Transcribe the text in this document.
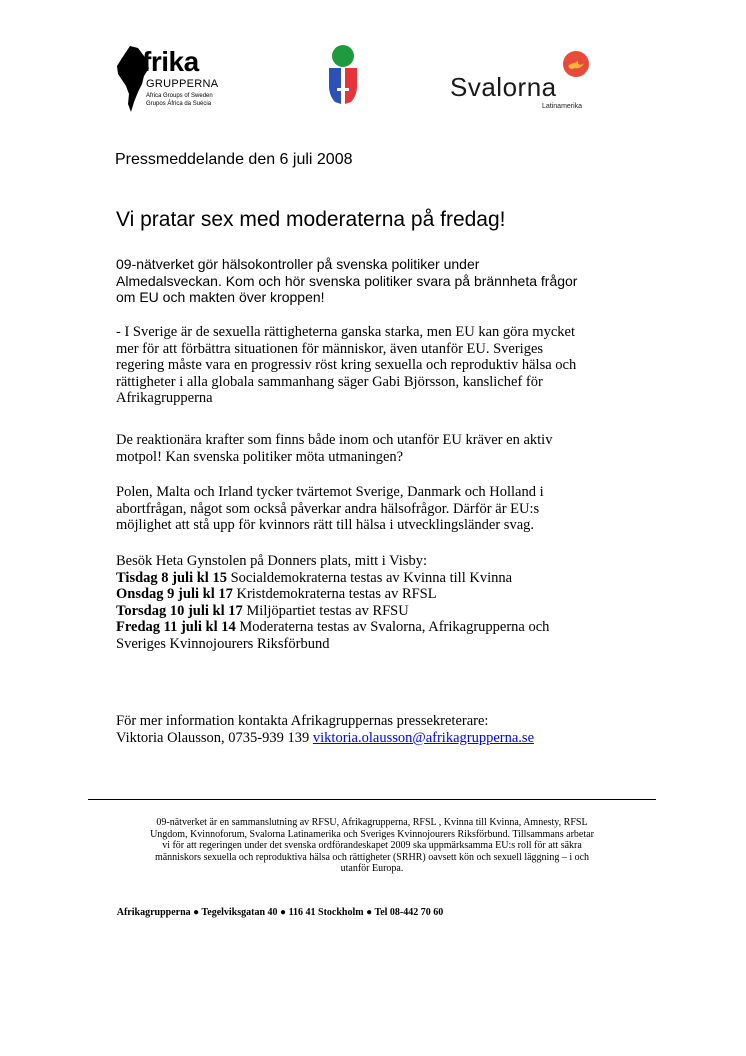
frika
GRUPPERNA
Africa Groups of Sweden
Grupos África da Suécia
Svalorna
Latinamerika
Pressmeddelande den 6 juli 2008
Vi pratar sex med moderaterna på fredag!
09-nätverket gör hälsokontroller på svenska politiker under
Almedalsveckan. Kom och hör svenska politiker svara på brännheta frågor
om EU och makten över kroppen!
- I Sverige är de sexuella rättigheterna ganska starka, men EU kan göra mycket
mer för att förbättra situationen för människor, även utanför EU. Sveriges
regering måste vara en progressiv röst kring sexuella och reproduktiv hälsa och
rättigheter i alla globala sammanhang säger Gabi Björsson, kanslichef för
Afrikagrupperna
De reaktionära krafter som finns både inom och utanför EU kräver en aktiv
motpol! Kan svenska politiker möta utmaningen?
Polen, Malta och Irland tycker tvärtemot Sverige, Danmark och Holland i
abortfrågan, något som också påverkar andra hälsofrågor. Därför är EU:s
möjlighet att stå upp för kvinnors rätt till hälsa i utvecklingsländer svag.
Besök Heta Gynstolen på Donners plats, mitt i Visby:
Tisdag 8 juli kl 15 Socialdemokraterna testas av Kvinna till Kvinna
Onsdag 9 juli kl 17 Kristdemokraterna testas av RFSL
Torsdag 10 juli kl 17 Miljöpartiet testas av RFSU
Fredag 11 juli kl 14 Moderaterna testas av Svalorna, Afrikagrupperna och
Sveriges Kvinnojourers Riksförbund
För mer information kontakta Afrikagruppernas pressekreterare:
Viktoria Olausson, 0735-939 139 viktoria.olausson@afrikagrupperna.se
09-nätverket är en sammanslutning av RFSU, Afrikagrupperna, RFSL , Kvinna till Kvinna, Amnesty, RFSL
Ungdom, Kvinnoforum, Svalorna Latinamerika och Sveriges Kvinnojourers Riksförbund. Tillsammans arbetar
vi för att regeringen under det svenska ordförandeskapet 2009 ska uppmärksamma EU:s roll för att säkra
människors sexuella och reproduktiva hälsa och rättigheter (SRHR) oavsett kön och sexuell läggning – i och
utanför Europa.
Afrikagrupperna ● Tegelviksgatan 40 ● 116 41 Stockholm ● Tel 08-442 70 60
